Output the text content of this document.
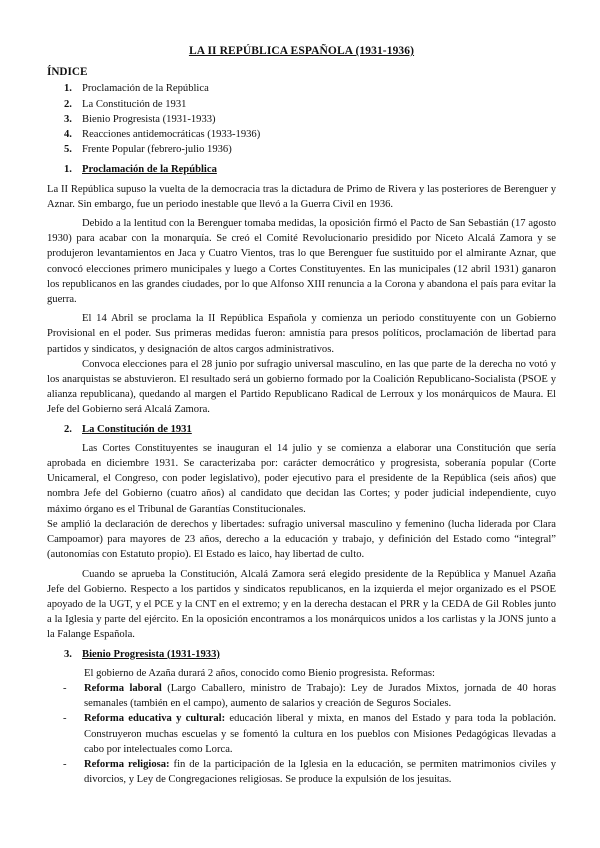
LA II REPÚBLICA ESPAÑOLA (1931-1936)
ÍNDICE
1. Proclamación de la República
2. La Constitución de 1931
3. Bienio Progresista (1931-1933)
4. Reacciones antidemocráticas (1933-1936)
5. Frente Popular (febrero-julio 1936)
1. Proclamación de la República

La II República supuso la vuelta de la democracia tras la dictadura de Primo de Rivera y las posteriores de Berenguer y Aznar. Sin embargo, fue un periodo inestable que llevó a la Guerra Civil en 1936.

Debido a la lentitud con la Berenguer tomaba medidas, la oposición firmó el Pacto de San Sebastián (17 agosto 1930) para acabar con la monarquía. Se creó el Comité Revolucionario presidido por Niceto Alcalá Zamora y se produjeron levantamientos en Jaca y Cuatro Vientos, tras lo que Berenguer fue sustituido por el almirante Aznar, que convocó elecciones primero municipales y luego a Cortes Constituyentes. En las municipales (12 abril 1931) ganaron los republicanos en las grandes ciudades, por lo que Alfonso XIII renuncia a la Corona y abandona el país para evitar la guerra.

El 14 Abril se proclama la II República Española y comienza un periodo constituyente con un Gobierno Provisional en el poder. Sus primeras medidas fueron: amnistía para presos políticos, proclamación de libertad para partidos y sindicatos, y designación de altos cargos administrativos.

Convoca elecciones para el 28 junio por sufragio universal masculino, en las que parte de la derecha no votó y los anarquistas se abstuvieron. El resultado será un gobierno formado por la Coalición Republicano-Socialista (PSOE y alianza republicana), quedando al margen el Partido Republicano Radical de Lerroux y los monárquicos de Maura. El Jefe del Gobierno será Alcalá Zamora.

2. La Constitución de 1931

Las Cortes Constituyentes se inauguran el 14 julio y se comienza a elaborar una Constitución que sería aprobada en diciembre 1931. Se caracterizaba por: carácter democrático y progresista, soberanía popular (Corte Unicameral, el Congreso, con poder legislativo), poder ejecutivo para el presidente de la República (seis años) que nombra Jefe del Gobierno (cuatro años) al candidato que decidan las Cortes; y poder judicial independiente, cuyo máximo órgano es el Tribunal de Garantías Constitucionales.

Se amplió la declaración de derechos y libertades: sufragio universal masculino y femenino (lucha liderada por Clara Campoamor) para mayores de 23 años, derecho a la educación y trabajo, y definición del Estado como “integral” (autonomías con Estatuto propio). El Estado es laico, hay libertad de culto.

Cuando se aprueba la Constitución, Alcalá Zamora será elegido presidente de la República y Manuel Azaña Jefe del Gobierno. Respecto a los partidos y sindicatos republicanos, en la izquierda el mejor organizado es el PSOE apoyado de la UGT, y el PCE y la CNT en el extremo; y en la derecha destacan el PRR y la CEDA de Gil Robles junto a la Iglesia y parte del ejército. En la oposición encontramos a los monárquicos unidos a los carlistas y la JONS junto a la Falange Española.

3. Bienio Progresista (1931-1933)

El gobierno de Azaña durará 2 años, conocido como Bienio progresista. Reformas:

- Reforma laboral (Largo Caballero, ministro de Trabajo): Ley de Jurados Mixtos, jornada de 40 horas semanales (también en el campo), aumento de salarios y creación de Seguros Sociales.
- Reforma educativa y cultural: educación liberal y mixta, en manos del Estado y para toda la población. Construyeron muchas escuelas y se fomentó la cultura en los pueblos con Misiones Pedagógicas llevadas a cabo por intelectuales como Lorca.
- Reforma religiosa: fin de la participación de la Iglesia en la educación, se permiten matrimonios civiles y divorcios, y Ley de Congregaciones religiosas. Se produce la expulsión de los jesuitas.
